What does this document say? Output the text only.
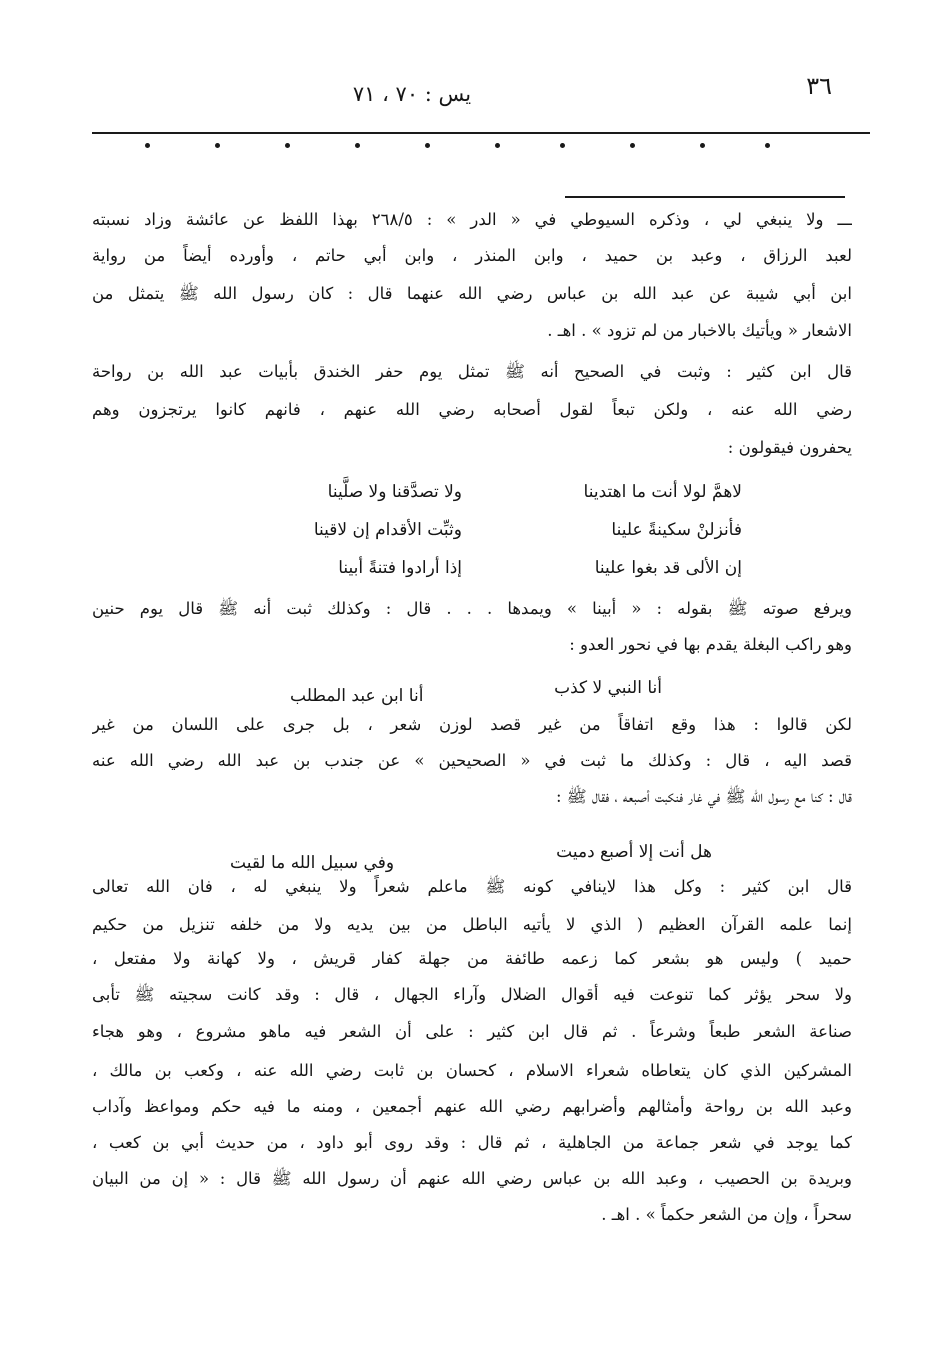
٣٦
يس : ٧٠ ، ٧١
ـــ ولا ينبغي لي ، وذكره السيوطي في « الدر » : ٢٦٨/٥ بهذا اللفظ عن عائشة وزاد نسبته
لعبد الرزاق ، وعبد بن حميد ، وابن المنذر ، وابن أبي حاتم ، وأورده أيضاً من رواية
ابن أبي شيبة عن عبد الله بن عباس رضي الله عنهما قال : كان رسول الله ﷺ يتمثل من
الاشعار « ويأتيك بالاخبار من لم تزود » . اهـ .
قال ابن كثير : وثبت في الصحيح أنه ﷺ تمثل يوم حفر الخندق بأبيات عبد الله بن رواحة
رضي الله عنه ، ولكن تبعاً لقول أصحابه رضي الله عنهم ، فانهم كانوا يرتجزون وهم
يحفرون فيقولون :
لاهمَّ لولا أنت ما اهتدينا
ولا تصدَّقنا ولا صلَّينا
فأنزلنْ سكينةً علينا
وثبِّت الأقدام إن لاقينا
إن الألى قد بغوا علينا
إذا أرادوا فتنةً أبينا
ويرفع صوته ﷺ بقوله : « أبينا » ويمدها . . . قال : وكذلك ثبت أنه ﷺ قال يوم حنين
وهو راكب البغلة يقدم بها في نحور العدو :
أنا النبي لا كذب
أنا ابن عبد المطلب
لكن قالوا : هذا وقع اتفاقاً من غير قصد لوزن شعر ، بل جرى على اللسان من غير
قصد اليه ، قال : وكذلك ما ثبت في « الصحيحين » عن جندب بن عبد الله رضي الله عنه
قال : كنا مع رسول الله ﷺ في غار فنكبت أصبعه ، فقال ﷺ :
هل أنت إلا أصبع دميت
وفي سبيل الله ما لقيت
قال ابن كثير : وكل هذا لاينافي كونه ﷺ ماعلم شعراً ولا ينبغي له ، فان الله تعالى
إنما علمه القرآن العظيم ( الذي لا يأتيه الباطل من بين يديه ولا من خلفه تنزيل من حكيم
حميد ) وليس هو بشعر كما زعمه طائفة من جهلة كفار قريش ، ولا كهانة ولا مفتعل ،
ولا سحر يؤثر كما تنوعت فيه أقوال الضلال وآراء الجهال ، قال : وقد كانت سجيته ﷺ تأبى
صناعة الشعر طبعاً وشرعاً . ثم قال ابن كثير : على أن الشعر فيه ماهو مشروع ، وهو هجاء
المشركين الذي كان يتعاطاه شعراء الاسلام ، كحسان بن ثابت رضي الله عنه ، وكعب بن مالك ،
وعبد الله بن رواحة وأمثالهم وأضرابهم رضي الله عنهم أجمعين ، ومنه ما فيه حكم ومواعظ وآداب
كما يوجد في شعر جماعة من الجاهلية ، ثم قال : وقد روى أبو داود ، من حديث أبي بن كعب ،
وبريدة بن الحصيب ، وعبد الله بن عباس رضي الله عنهم أن رسول الله ﷺ قال : « إن من البيان
سحراً ، وإن من الشعر حكماً » . اهـ .
